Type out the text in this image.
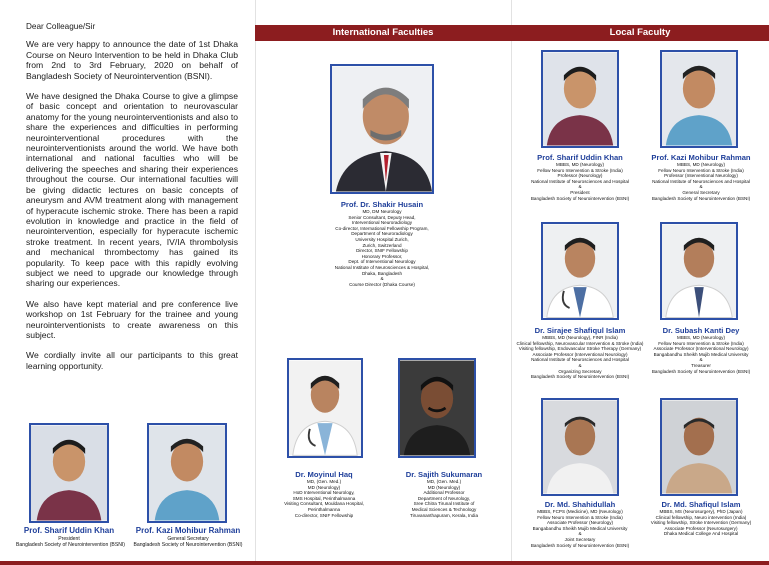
Dear Colleague/Sir

We are very happy to announce the date of 1st Dhaka Course on Neuro Intervention to be held in Dhaka Club from 2nd to 3rd February, 2020 on behalf of Bangladesh Society of Neurointervention (BSNI).

We have designed the Dhaka Course to give a glimpse of basic concept and orientation to neurovascular anatomy for the young neurointerventionists and also to share the experiences and difficulties in performing neurointerventional procedures with the neurointerventionists around the world. We have both international and national faculties who will be delivering the speeches and sharing their experiences throughout the course. Our international faculties will be giving didactic lectures on basic concepts of aneurysm and AVM treatment along with management of hyperacute ischemic stroke. There has been a rapid evolution in knowledge and practice in the field of neurointervention, especially for hyperacute ischemic stroke treatment. In recent years, IV/IA thrombolysis and mechanical thrombectomy has gained its popularity. To keep pace with this rapidly evolving subject we need to upgrade our knowledge through sharing our experiences.

We also have kept material and pre conference live workshop on 1st February for the trainee and young neurointerventionists to create awareness on this subject.

We cordially invite all our participants to this great learning opportunity.

International Faculties	Local Faculty
Prof. Sharif Uddin Khan
President
Bangladesh Society of Neurointervention (BSNI)
Prof. Kazi Mohibur Rahman
General Secretary
Bangladesh Society of Neurointervention (BSNI)
Prof. Dr. Shakir Husain
MD, DM Neurology
Senior Consultant, Deputy Head,
Interventional Neuroradiology
Co-director, International Fellowship Program,
Department of Neuroradiology
University Hospital Zurich,
Zurich, Switzerland
Director, SNIF Fellowship
Honorary Professor,
Dept. of Interventional Neurology
National Institute of Neurosciences & Hospital,
Dhaka, Bangladesh
&
Course Director (Dhaka Course)
Dr. Moyinul Haq
MD, (Gen. Med.)
MD (Neurology)
HoD Interventional Neurology,
SMS Hospital, Perinthalmanna
Visiting Consultant, Mouldana Hospital,
Perinthalmanna
Co-director, SNIF Fellowship
Dr. Sajith Sukumaran
MD, (Gen. Med.)
MD (Neurology)
Additional Professor
Department of Neurology,
Sree Chitra Tirunal Institute of
Medical Sciences & Technology
Tiruvananthapuram, Kerala, India
Prof. Sharif Uddin Khan
MBBS, MD (Neurology)
Fellow Neuro Intervention & Stroke (India)
Professor (Neurology)
National Institute of Neurosciences and Hospital
&
President
Bangladesh Society of Neurointervention (BSNI)
Prof. Kazi Mohibur Rahman
MBBS, MD (Neurology)
Fellow Neuro Intervention & Stroke (India)
Professor (Interventional Neurology)
National Institute of Neurosciences and Hospital
&
General Secretary
Bangladesh Society of Neurointervention (BSNI)
Dr. Sirajee Shafiqul Islam
MBBS, MD (Neurology), FINR (India)
Clinical fellowship, Neurovascular Intervention & Stroke (India)
Visiting fellowship, Endovascular Stroke Therapy (Germany)
Associate Professor (Interventional Neurology)
National Institute of Neurosciences and Hospital
&
Organizing Secretary
Bangladesh Society of Neurointervention (BSNI)
Dr. Subash Kanti Dey
MBBS, MD (Neurology)
Fellow Neuro Intervention & Stroke (India)
Associate Professor (Interventional Neurology)
Bangabandhu Sheikh Mujib Medical University
&
Treasurer
Bangladesh Society of Neurointervention (BSNI)
Dr. Md. Shahidullah
MBBS, FCPS (Medicine), MD (Neurology)
Fellow Neuro Intervention & Stroke (India)
Associate Professor (Neurology)
Bangabandhu Sheikh Mujib Medical University
&
Joint Secretary
Bangladesh Society of Neurointervention (BSNI)
Dr. Md. Shafiqul Islam
MBBS, MS (Neurosurgery), PhD (Japan)
Clinical fellowship, Neuro intervention (India)
Visiting fellowship, Stroke Intervention (Germany)
Associate Professor (Neurosurgery)
Dhaka Medical College And Hospital
